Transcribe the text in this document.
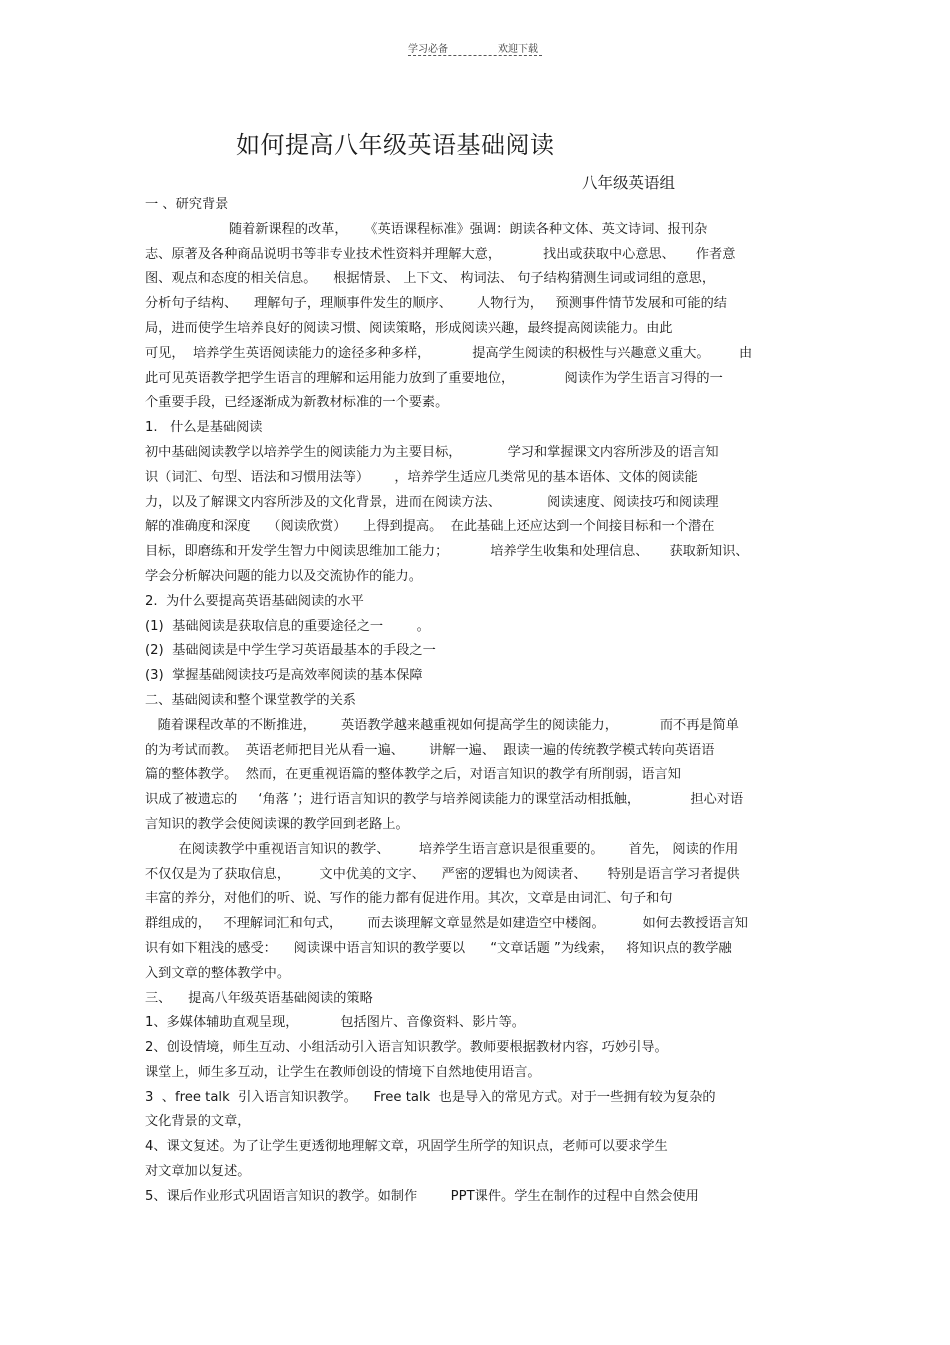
学习必备	欢迎下载
如何提高八年级英语基础阅读
八年级英语组
一 、研究背景
随着新课程的改革，    《英语课程标准》强调：朗读各种文体、英文诗词、报刊杂
志、原著及各种商品说明书等非专业技术性资料并理解大意，          找出或获取中心意思、     作者意
图、观点和态度的相关信息。    根据情景、 上下文、 构词法、 句子结构猜测生词或词组的意思，
分析句子结构、    理解句子，理顺事件发生的顺序、      人物行为，   预测事件情节发展和可能的结
局，进而使学生培养良好的阅读习惯、阅读策略，形成阅读兴趣，最终提高阅读能力。由此
可见，  培养学生英语阅读能力的途径多种多样，          提高学生阅读的积极性与兴趣意义重大。       由
此可见英语教学把学生语言的理解和运用能力放到了重要地位，            阅读作为学生语言习得的一
个重要手段，已经逐渐成为新教材标准的一个要素。
1.   什么是基础阅读
初中基础阅读教学以培养学生的阅读能力为主要目标，           学习和掌握课文内容所涉及的语言知
识（词汇、句型、语法和习惯用法等）      ，培养学生适应几类常见的基本语体、文体的阅读能
力，以及了解课文内容所涉及的文化背景，进而在阅读方法、           阅读速度、阅读技巧和阅读理
解的准确度和深度    （阅读欣赏）    上得到提高。  在此基础上还应达到一个间接目标和一个潜在
目标，即磨练和开发学生智力中阅读思维加工能力；          培养学生收集和处理信息、     获取新知识、
学会分析解决问题的能力以及交流协作的能力。
2.  为什么要提高英语基础阅读的水平
(1)  基础阅读是获取信息的重要途径之一        。
(2)  基础阅读是中学生学习英语最基本的手段之一
(3)  掌握基础阅读技巧是高效率阅读的基本保障
二、基础阅读和整个课堂教学的关系
随着课程改革的不断推进，      英语教学越来越重视如何提高学生的阅读能力，          而不再是简单
的为考试而教。  英语老师把目光从看一遍、      讲解一遍、  跟读一遍的传统教学模式转向英语语
篇的整体教学。  然而，在更重视语篇的整体教学之后，对语言知识的教学有所削弱，语言知
识成了被遗忘的     ‘角落 ’；进行语言知识的教学与培养阅读能力的课堂活动相抵触，            担心对语
言知识的教学会使阅读课的教学回到老路上。
在阅读教学中重视语言知识的教学、       培养学生语言意识是很重要的。      首先， 阅读的作用
不仅仅是为了获取信息，       文中优美的文字、    严密的逻辑也为阅读者、     特别是语言学习者提供
丰富的养分，对他们的听、说、写作的能力都有促进作用。其次，文章是由词汇、句子和句
群组成的，   不理解词汇和句式，      而去谈理解文章显然是如建造空中楼阁。         如何去教授语言知
识有如下粗浅的感受：    阅读课中语言知识的教学要以      “文章话题 ”为线索，   将知识点的教学融
入到文章的整体教学中。
三、    提高八年级英语基础阅读的策略
1、多媒体辅助直观呈现，          包括图片、音像资料、影片等。
2、创设情境，师生互动、小组活动引入语言知识教学。教师要根据教材内容，巧妙引导。
课堂上，师生多互动，让学生在教师创设的情境下自然地使用语言。
3  、free talk  引入语言知识教学。    Free talk  也是导入的常见方式。对于一些拥有较为复杂的
文化背景的文章，
4、课文复述。为了让学生更透彻地理解文章，巩固学生所学的知识点，老师可以要求学生
对文章加以复述。
5、课后作业形式巩固语言知识的教学。如制作        PPT课件。学生在制作的过程中自然会使用
